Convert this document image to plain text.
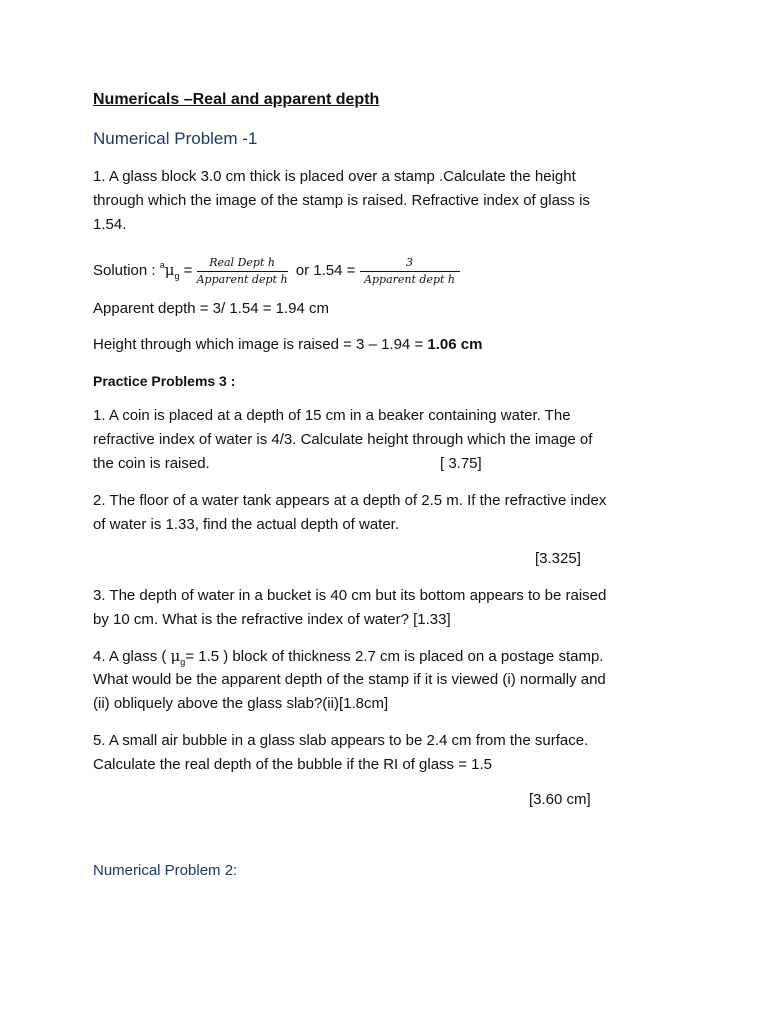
Numericals –Real and apparent depth
Numerical Problem -1
1. A glass block 3.0 cm thick is placed over a stamp .Calculate the height
through which the image of the stamp is raised. Refractive index of glass is
1.54.
Solution : $^a\mu_g = \frac{\text{Real Dept h}}{\text{Apparent dept h}}$ or $1.54 = \frac{3}{\text{Apparent dept h}}$
Apparent depth = 3/ 1.54 = 1.94 cm
Height through which image is raised = 3 – 1.94 = 1.06 cm
Practice Problems 3 :
1. A coin is placed at a depth of 15 cm in a beaker containing water. The
refractive index of water is 4/3. Calculate height through which the image of
the coin is raised.	[ 3.75]
2. The floor of a water tank appears at a depth of 2.5 m. If the refractive index
of water is 1.33, find the actual depth of water.
[3.325]
3. The depth of water in a bucket is 40 cm but its bottom appears to be raised
by 10 cm. What is the refractive index of water? [1.33]
4. A glass ( $\mu_g= 1.5$ ) block of thickness 2.7 cm is placed on a postage stamp.
What would be the apparent depth of the stamp if it is viewed (i) normally and
(ii) obliquely above the glass slab?(ii)[1.8cm]
5. A small air bubble in a glass slab appears to be 2.4 cm from the surface.
Calculate the real depth of the bubble if the RI of glass = 1.5
[3.60 cm]
Numerical Problem 2:
